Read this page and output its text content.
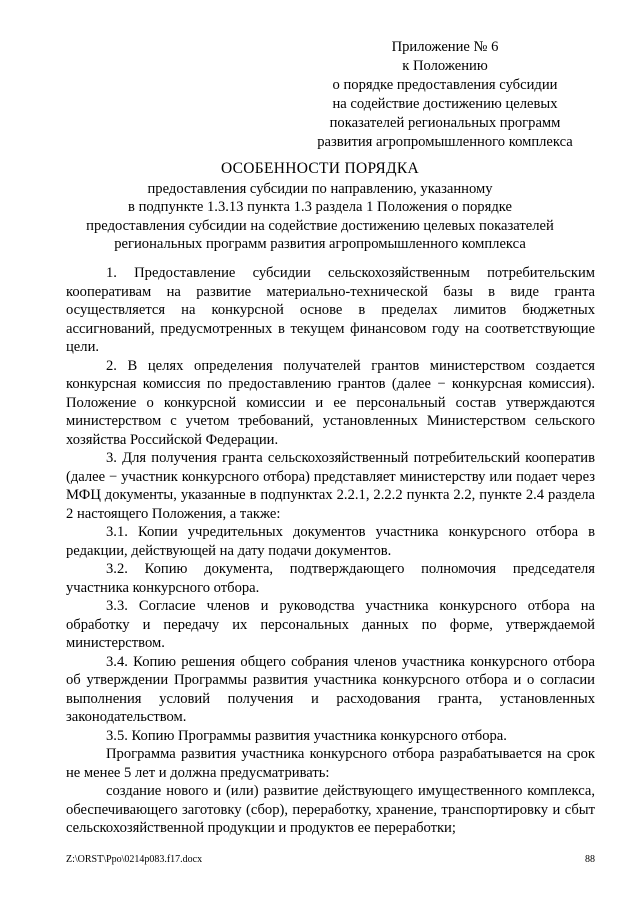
Приложение № 6
к Положению
о порядке предоставления субсидии
на содействие достижению целевых
показателей региональных программ
развития агропромышленного комплекса
ОСОБЕННОСТИ ПОРЯДКА
предоставления субсидии по направлению, указанному
в подпункте 1.3.13 пункта 1.3 раздела 1 Положения о порядке
предоставления субсидии на содействие достижению целевых показателей
региональных программ развития агропромышленного комплекса

1. Предоставление субсидии сельскохозяйственным потребительским кооперативам на развитие материально-технической базы в виде гранта осуществляется на конкурсной основе в пределах лимитов бюджетных ассигнований, предусмотренных в текущем финансовом году на соответствующие цели.

2. В целях определения получателей грантов министерством создается конкурсная комиссия по предоставлению грантов (далее − конкурсная комиссия). Положение о конкурсной комиссии и ее персональный состав утверждаются министерством с учетом требований, установленных Министерством сельского хозяйства Российской Федерации.

3. Для получения гранта сельскохозяйственный потребительский кооператив (далее − участник конкурсного отбора) представляет министерству или подает через МФЦ документы, указанные в подпунктах 2.2.1, 2.2.2 пункта 2.2, пункте 2.4 раздела 2 настоящего Положения, а также:

3.1. Копии учредительных документов участника конкурсного отбора в редакции, действующей на дату подачи документов.

3.2. Копию документа, подтверждающего полномочия председателя участника конкурсного отбора.

3.3. Согласие членов и руководства участника конкурсного отбора на обработку и передачу их персональных данных по форме, утверждаемой министерством.

3.4. Копию решения общего собрания членов участника конкурсного отбора об утверждении Программы развития участника конкурсного отбора и о согласии выполнения условий получения и расходования гранта, установленных законодательством.

3.5. Копию Программы развития участника конкурсного отбора.

Программа развития участника конкурсного отбора разрабатывается на срок не менее 5 лет и должна предусматривать:

создание нового и (или) развитие действующего имущественного комплекса, обеспечивающего заготовку (сбор), переработку, хранение, транспортировку и сбыт сельскохозяйственной продукции и продуктов ее переработки;

Z:\ORST\Ppo\0214p083.f17.docx	88
